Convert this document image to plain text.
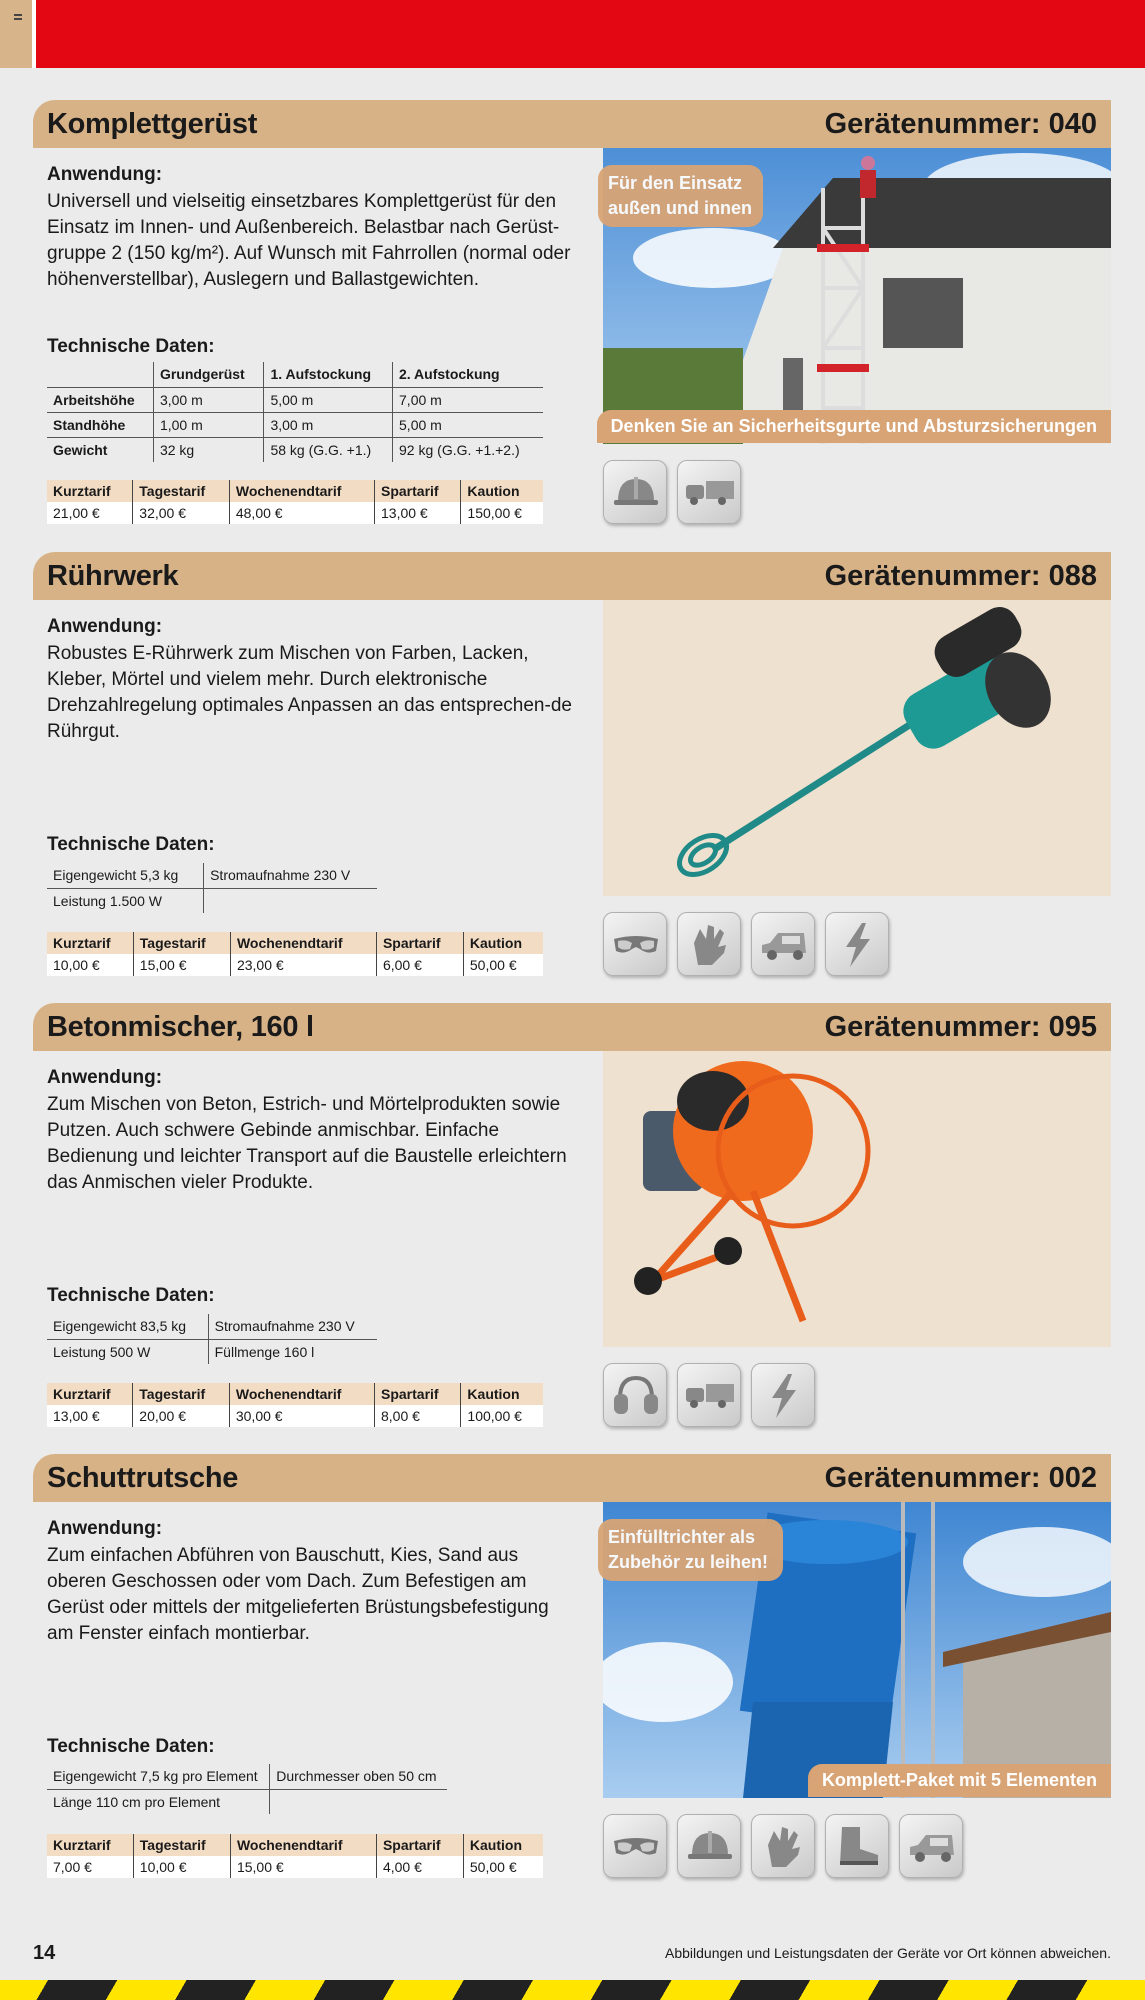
Komplettgerüst	Gerätenummer: 040
Anwendung:
Universell und vielseitig einsetzbares Komplettgerüst für den Einsatz im Innen- und Außenbereich. Belastbar nach Gerüst-gruppe 2 (150 kg/m²). Auf Wunsch mit Fahrrollen (normal oder höhenverstellbar), Auslegern und Ballastgewichten.
Technische Daten:
	Grundgerüst	1. Aufstockung	2. Aufstockung
Arbeitshöhe	3,00 m	5,00 m	7,00 m
Standhöhe	1,00 m	3,00 m	5,00 m
Gewicht	32 kg	58 kg (G.G. +1.)	92 kg (G.G. +1.+2.)
Kurztarif	Tagestarif	Wochenendtarif	Spartarif	Kaution
21,00 €	32,00 €	48,00 €	13,00 €	150,00 €
Für den Einsatz außen und innen
Denken Sie an Sicherheitsgurte und Absturzsicherungen
Rührwerk	Gerätenummer: 088
Anwendung:
Robustes E-Rührwerk zum Mischen von Farben, Lacken, Kleber, Mörtel und vielem mehr. Durch elektronische Drehzahlregelung optimales Anpassen an das entsprechen-de Rührgut.
Technische Daten:
Eigengewicht 5,3 kg	Stromaufnahme 230 V
Leistung 1.500 W	
Kurztarif	Tagestarif	Wochenendtarif	Spartarif	Kaution
10,00 €	15,00 €	23,00 €	6,00 €	50,00 €
Betonmischer, 160 l	Gerätenummer: 095
Anwendung:
Zum Mischen von Beton, Estrich- und Mörtelprodukten sowie Putzen. Auch schwere Gebinde anmischbar. Einfache Bedienung und leichter Transport auf die Baustelle erleichtern das Anmischen vieler Produkte.
Technische Daten:
Eigengewicht 83,5 kg	Stromaufnahme 230 V
Leistung 500 W	Füllmenge 160 l
Kurztarif	Tagestarif	Wochenendtarif	Spartarif	Kaution
13,00 €	20,00 €	30,00 €	8,00 €	100,00 €
Schuttrutsche	Gerätenummer: 002
Anwendung:
Zum einfachen Abführen von Bauschutt, Kies, Sand aus oberen Geschossen oder vom Dach. Zum Befestigen am Gerüst oder mittels der mitgelieferten Brüstungsbefestigung am Fenster einfach montierbar.
Technische Daten:
Eigengewicht 7,5 kg pro Element	Durchmesser oben 50 cm
Länge 110 cm pro Element	
Kurztarif	Tagestarif	Wochenendtarif	Spartarif	Kaution
7,00 €	10,00 €	15,00 €	4,00 €	50,00 €
Einfülltrichter als Zubehör zu leihen!
Komplett-Paket mit 5 Elementen
14	Abbildungen und Leistungsdaten der Geräte vor Ort können abweichen.
